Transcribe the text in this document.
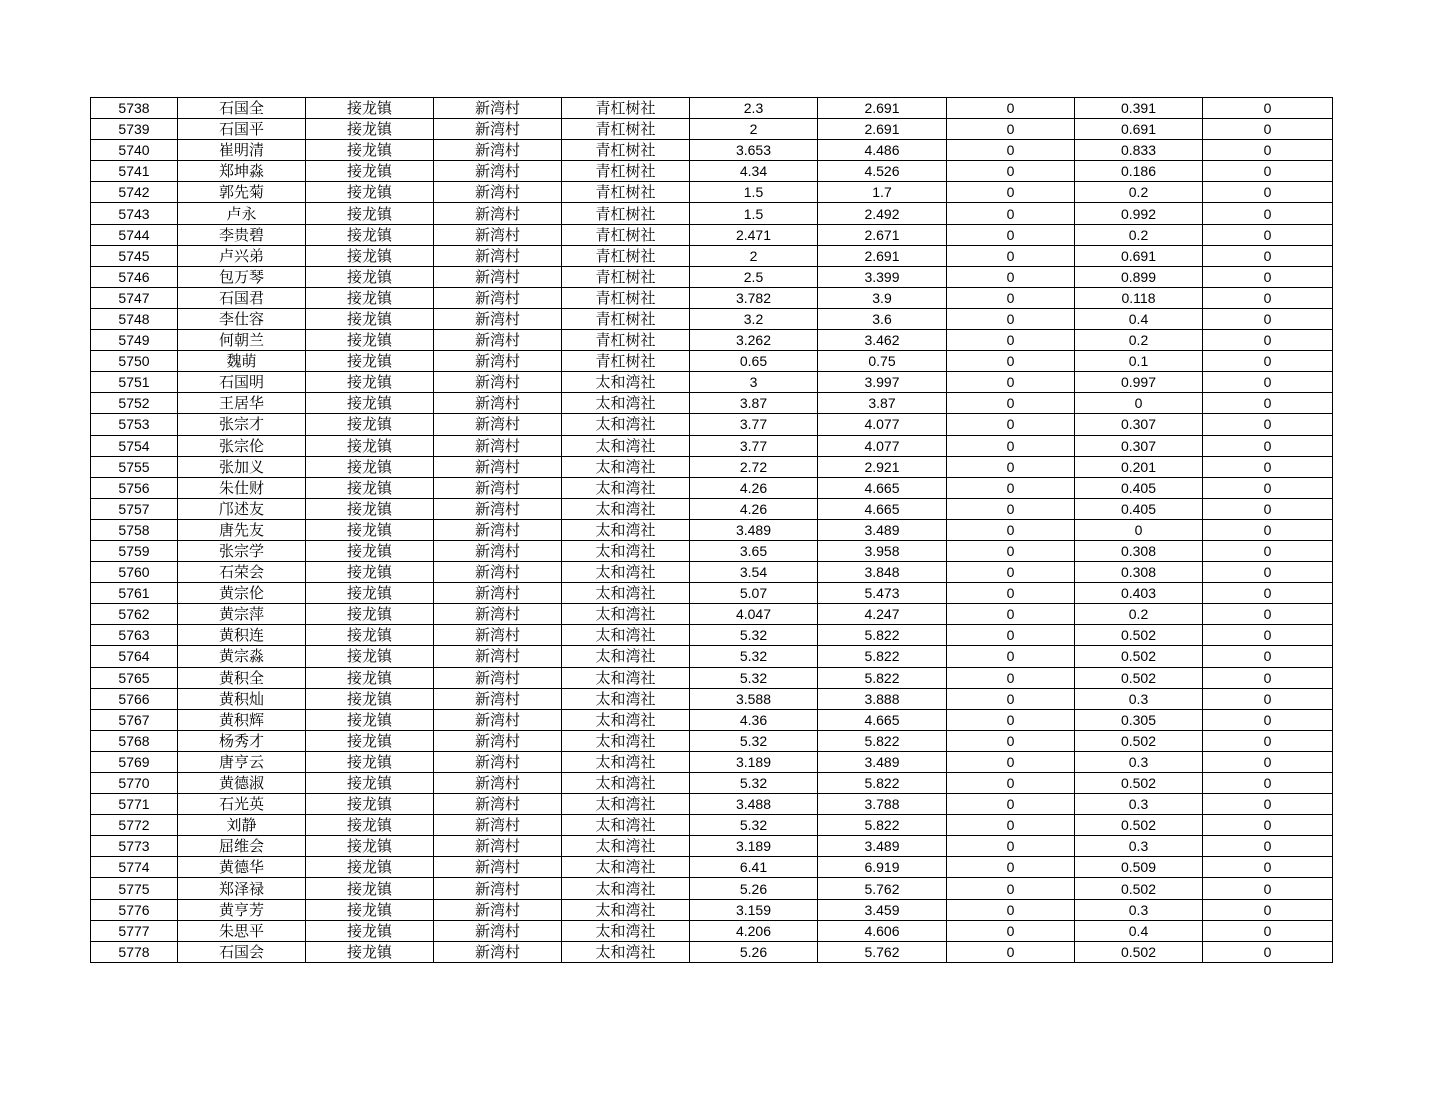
5738	石国全	接龙镇	新湾村	青杠树社	2.3	2.691	0	0.391	0
5739	石国平	接龙镇	新湾村	青杠树社	2	2.691	0	0.691	0
5740	崔明清	接龙镇	新湾村	青杠树社	3.653	4.486	0	0.833	0
5741	郑坤淼	接龙镇	新湾村	青杠树社	4.34	4.526	0	0.186	0
5742	郭先菊	接龙镇	新湾村	青杠树社	1.5	1.7	0	0.2	0
5743	卢永	接龙镇	新湾村	青杠树社	1.5	2.492	0	0.992	0
5744	李贵碧	接龙镇	新湾村	青杠树社	2.471	2.671	0	0.2	0
5745	卢兴弟	接龙镇	新湾村	青杠树社	2	2.691	0	0.691	0
5746	包万琴	接龙镇	新湾村	青杠树社	2.5	3.399	0	0.899	0
5747	石国君	接龙镇	新湾村	青杠树社	3.782	3.9	0	0.118	0
5748	李仕容	接龙镇	新湾村	青杠树社	3.2	3.6	0	0.4	0
5749	何朝兰	接龙镇	新湾村	青杠树社	3.262	3.462	0	0.2	0
5750	魏萌	接龙镇	新湾村	青杠树社	0.65	0.75	0	0.1	0
5751	石国明	接龙镇	新湾村	太和湾社	3	3.997	0	0.997	0
5752	王居华	接龙镇	新湾村	太和湾社	3.87	3.87	0	0	0
5753	张宗才	接龙镇	新湾村	太和湾社	3.77	4.077	0	0.307	0
5754	张宗伦	接龙镇	新湾村	太和湾社	3.77	4.077	0	0.307	0
5755	张加义	接龙镇	新湾村	太和湾社	2.72	2.921	0	0.201	0
5756	朱仕财	接龙镇	新湾村	太和湾社	4.26	4.665	0	0.405	0
5757	邝述友	接龙镇	新湾村	太和湾社	4.26	4.665	0	0.405	0
5758	唐先友	接龙镇	新湾村	太和湾社	3.489	3.489	0	0	0
5759	张宗学	接龙镇	新湾村	太和湾社	3.65	3.958	0	0.308	0
5760	石荣会	接龙镇	新湾村	太和湾社	3.54	3.848	0	0.308	0
5761	黄宗伦	接龙镇	新湾村	太和湾社	5.07	5.473	0	0.403	0
5762	黄宗萍	接龙镇	新湾村	太和湾社	4.047	4.247	0	0.2	0
5763	黄积连	接龙镇	新湾村	太和湾社	5.32	5.822	0	0.502	0
5764	黄宗淼	接龙镇	新湾村	太和湾社	5.32	5.822	0	0.502	0
5765	黄积全	接龙镇	新湾村	太和湾社	5.32	5.822	0	0.502	0
5766	黄积灿	接龙镇	新湾村	太和湾社	3.588	3.888	0	0.3	0
5767	黄积辉	接龙镇	新湾村	太和湾社	4.36	4.665	0	0.305	0
5768	杨秀才	接龙镇	新湾村	太和湾社	5.32	5.822	0	0.502	0
5769	唐亨云	接龙镇	新湾村	太和湾社	3.189	3.489	0	0.3	0
5770	黄德淑	接龙镇	新湾村	太和湾社	5.32	5.822	0	0.502	0
5771	石光英	接龙镇	新湾村	太和湾社	3.488	3.788	0	0.3	0
5772	刘静	接龙镇	新湾村	太和湾社	5.32	5.822	0	0.502	0
5773	屈维会	接龙镇	新湾村	太和湾社	3.189	3.489	0	0.3	0
5774	黄德华	接龙镇	新湾村	太和湾社	6.41	6.919	0	0.509	0
5775	郑泽禄	接龙镇	新湾村	太和湾社	5.26	5.762	0	0.502	0
5776	黄亨芳	接龙镇	新湾村	太和湾社	3.159	3.459	0	0.3	0
5777	朱思平	接龙镇	新湾村	太和湾社	4.206	4.606	0	0.4	0
5778	石国会	接龙镇	新湾村	太和湾社	5.26	5.762	0	0.502	0
